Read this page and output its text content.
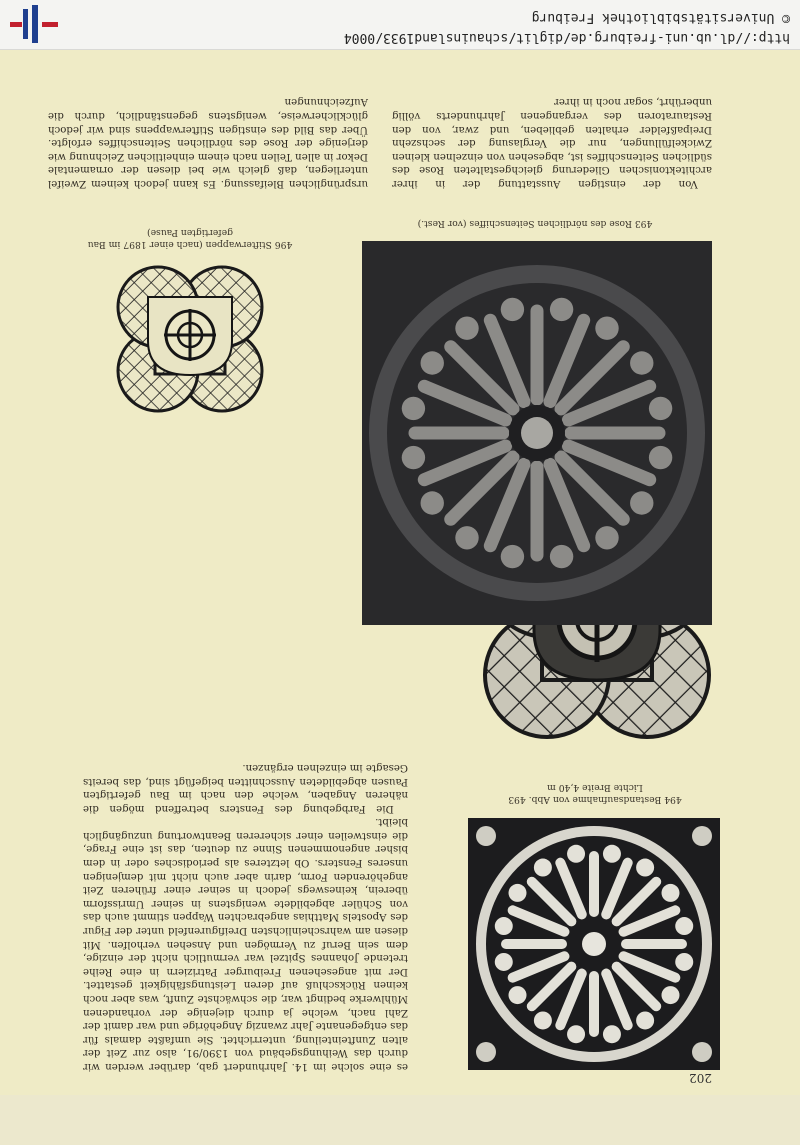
202
494 Bestandsaufnahme von Abb. 493
Lichte Breite 4,40 m

es eine solche im 14. Jahrhundert gab, darüber werden wir durch das Weihungsgebäud von 1390/91, also zur Zeit der alten Zunfteinteilung, unterrichtet. Sie umfaßte damals für das entgegenante Jahr zwanzig Angehörige und war damit der Zahl nach, welche ja durch diejenige der vorhandenen Mühlwerke bedingt war, die schwächste Zunft, was aber noch keinen Rückschluß auf deren Leistungsfähigkeit gestattet. Der mit angesehenen Freiburger Patriziern in eine Reihe tretende Johannes Spitzel war vermutlich nicht der einzige, dem sein Beruf zu Vermögen und Ansehen verholfen. Mit diesen am wahrscheinlichsten Dreifigurenfeld unter der Figur des Apostels Matthias angebrachten Wappen stimmt auch das von Schüler abgebildete wenigstens in seiner Umrissform überein, keineswegs jedoch in seiner einer früheren Zeit angehörenden Form, darin aber auch nicht mit demjenigen unseres Fensters. Ob letzteres als periodisches oder in dem bisher angenommenen Sinne zu deuten, das ist eine Frage, die einstweilen einer sichereren Beantwortung unzugänglich bleibt.

Die Farbgebung des Fensters betreffend mögen die näheren Angaben, welche den nach im Bau gefertigten Pausen abgebildeten Ausschnitten beigefügt sind, das bereits Gesagte im einzelnen ergänzen.

493 Rose des nördlichen Seitenschiffes (vor Rest.)
496 Stifterwappen (nach einer 1897 im Bau
gefertigten Pause)

Von der einstigen Ausstattung der in ihrer architektonischen Gliederung gleichgestalteten Rose des südlichen Seitenschiffes ist, abgesehen von einzelnen kleinen Zwickelfüllungen, nur die Verglasung der sechszehn Dreipaßfelder erhalten geblieben, und zwar, von den Restauratoren des vergangenen Jahrhunderts völlig unberührt, sogar noch in ihrer

ursprünglichen Bleifassung. Es kann jedoch keinem Zweifel unterliegen, daß gleich wie bei diesen der ornamentale Dekor in allen Teilen nach einem einheitlichen Zeichnung wie derjenige der Rose des nördlichen Seitenschiffes erfolgte. Über das Bild des einstigen Stifterwappens sind wir jedoch glücklicherweise, wenigstens gegenständlich, durch die Aufzeichnungen

http://dl.ub.uni-freiburg.de/diglit/schauinsland1933/0004
© Universitätsbibliothek Freiburg
